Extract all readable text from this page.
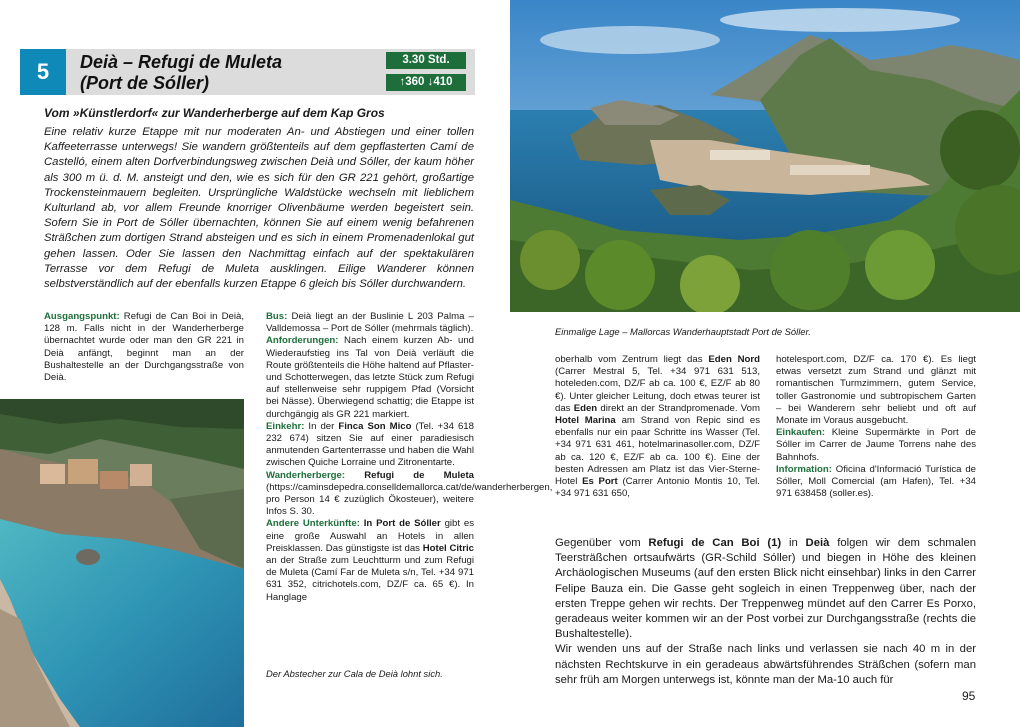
5	Deià – Refugi de Muleta
(Port de Sóller)
3.30 Std.
↑360 ↓410
Vom »Künstlerdorf« zur Wanderherberge auf dem Kap Gros
Eine relativ kurze Etappe mit nur moderaten An- und Abstiegen und einer tollen Kaffeeterrasse unterwegs! Sie wandern größtenteils auf dem gepflasterten Camí de Castelló, einem alten Dorfverbindungsweg zwischen Deià und Sóller, der kaum höher als 300 m ü. d. M. ansteigt und den, wie es sich für den GR 221 gehört, großartige Trockensteinmauern begleiten. Ursprüngliche Waldstücke wechseln mit lieblichem Kulturland ab, vor allem Freunde knorriger Olivenbäume werden begeistert sein. Sofern Sie in Port de Sóller übernachten, können Sie auf einem wenig befahrenen Sträßchen zum dortigen Strand absteigen und es sich in einem Promenadenlokal gut gehen lassen. Oder Sie lassen den Nachmittag einfach auf der spektakulären Terrasse vor dem Refugi de Muleta ausklingen. Eilige Wanderer können selbstverständlich auf der ebenfalls kurzen Etappe 6 gleich bis Sóller durchwandern.

Ausgangspunkt: Refugi de Can Boi in Deià, 128 m. Falls nicht in der Wanderherberge übernachtet wurde oder man den GR 221 in Deià anfängt, beginnt man an der Bushaltestelle an der Durchgangsstraße von Deià.

Bus: Deià liegt an der Buslinie L 203 Palma – Valldemossa – Port de Sóller (mehrmals täglich).

Anforderungen: Nach einem kurzen Ab- und Wiederaufstieg ins Tal von Deià verläuft die Route größtenteils die Höhe haltend auf Pflaster- und Schotterwegen, das letzte Stück zum Refugi auf stellenweise sehr ruppigem Pfad (Vorsicht bei Nässe). Überwiegend schattig; die Etappe ist durchgängig als GR 221 markiert.

Einkehr: In der Finca Son Mico (Tel. +34 618 232 674) sitzen Sie auf einer paradiesisch anmutenden Gartenterrasse und haben die Wahl zwischen Quiche Lorraine und Zitronentarte.

Wanderherberge: Refugi de Muleta (https://caminsdepedra.conselldemallorca.cat/de/wanderherbergen, pro Person 14 € zuzüglich Ökosteuer), weitere Infos S. 30.

Andere Unterkünfte: In Port de Sóller gibt es eine große Auswahl an Hotels in allen Preisklassen. Das günstigste ist das Hotel Citric an der Straße zum Leuchtturm und zum Refugi de Muleta (Camí Far de Muleta s/n, Tel. +34 971 631 352, citrichotels.com, DZ/F ca. 65 €). In Hanglage

Der Abstecher zur Cala de Deià lohnt sich.
Einmalige Lage – Mallorcas Wanderhauptstadt Port de Sóller.

oberhalb vom Zentrum liegt das Eden Nord (Carrer Mestral 5, Tel. +34 971 631 513, hoteleden.com, DZ/F ab ca. 100 €, EZ/F ab 80 €). Unter gleicher Leitung, doch etwas teurer ist das Eden direkt an der Strandpromenade. Vom Hotel Marina am Strand von Repic sind es ebenfalls nur ein paar Schritte ins Wasser (Tel. +34 971 631 461, hotelmarinasoller.com, DZ/F ab ca. 120 €, EZ/F ab ca. 100 €). Eine der besten Adressen am Platz ist das Vier-Sterne-Hotel Es Port (Carrer Antonio Montis 10, Tel. +34 971 631 650,

hotelesport.com, DZ/F ca. 170 €). Es liegt etwas versetzt zum Strand und glänzt mit romantischen Turmzimmern, gutem Service, toller Gastronomie und subtropischem Garten – bei Wanderern sehr beliebt und oft auf Monate im Voraus ausgebucht.

Einkaufen: Kleine Supermärkte in Port de Sóller im Carrer de Jaume Torrens nahe des Bahnhofs.

Information: Oficina d'Informació Turística de Sóller, Moll Comercial (am Hafen), Tel. +34 971 638458 (soller.es).

Gegenüber vom Refugi de Can Boi (1) in Deià folgen wir dem schmalen Teersträßchen ortsaufwärts (GR-Schild Sóller) und biegen in Höhe des kleinen Archäologischen Museums (auf den ersten Blick nicht einsehbar) links in den Carrer Felipe Bauza ein. Die Gasse geht sogleich in einen Treppenweg über, nach der ersten Treppe gehen wir rechts. Der Treppenweg mündet auf den Carrer Es Porxo, geradeaus weiter kommen wir an der Post vorbei zur Durchgangsstraße (rechts die Bushaltestelle).

Wir wenden uns auf der Straße nach links und verlassen sie nach 40 m in der nächsten Rechtskurve in ein geradeaus abwärtsführendes Sträßchen (sofern man sehr früh am Morgen unterwegs ist, könnte man der Ma-10 auch für

95
